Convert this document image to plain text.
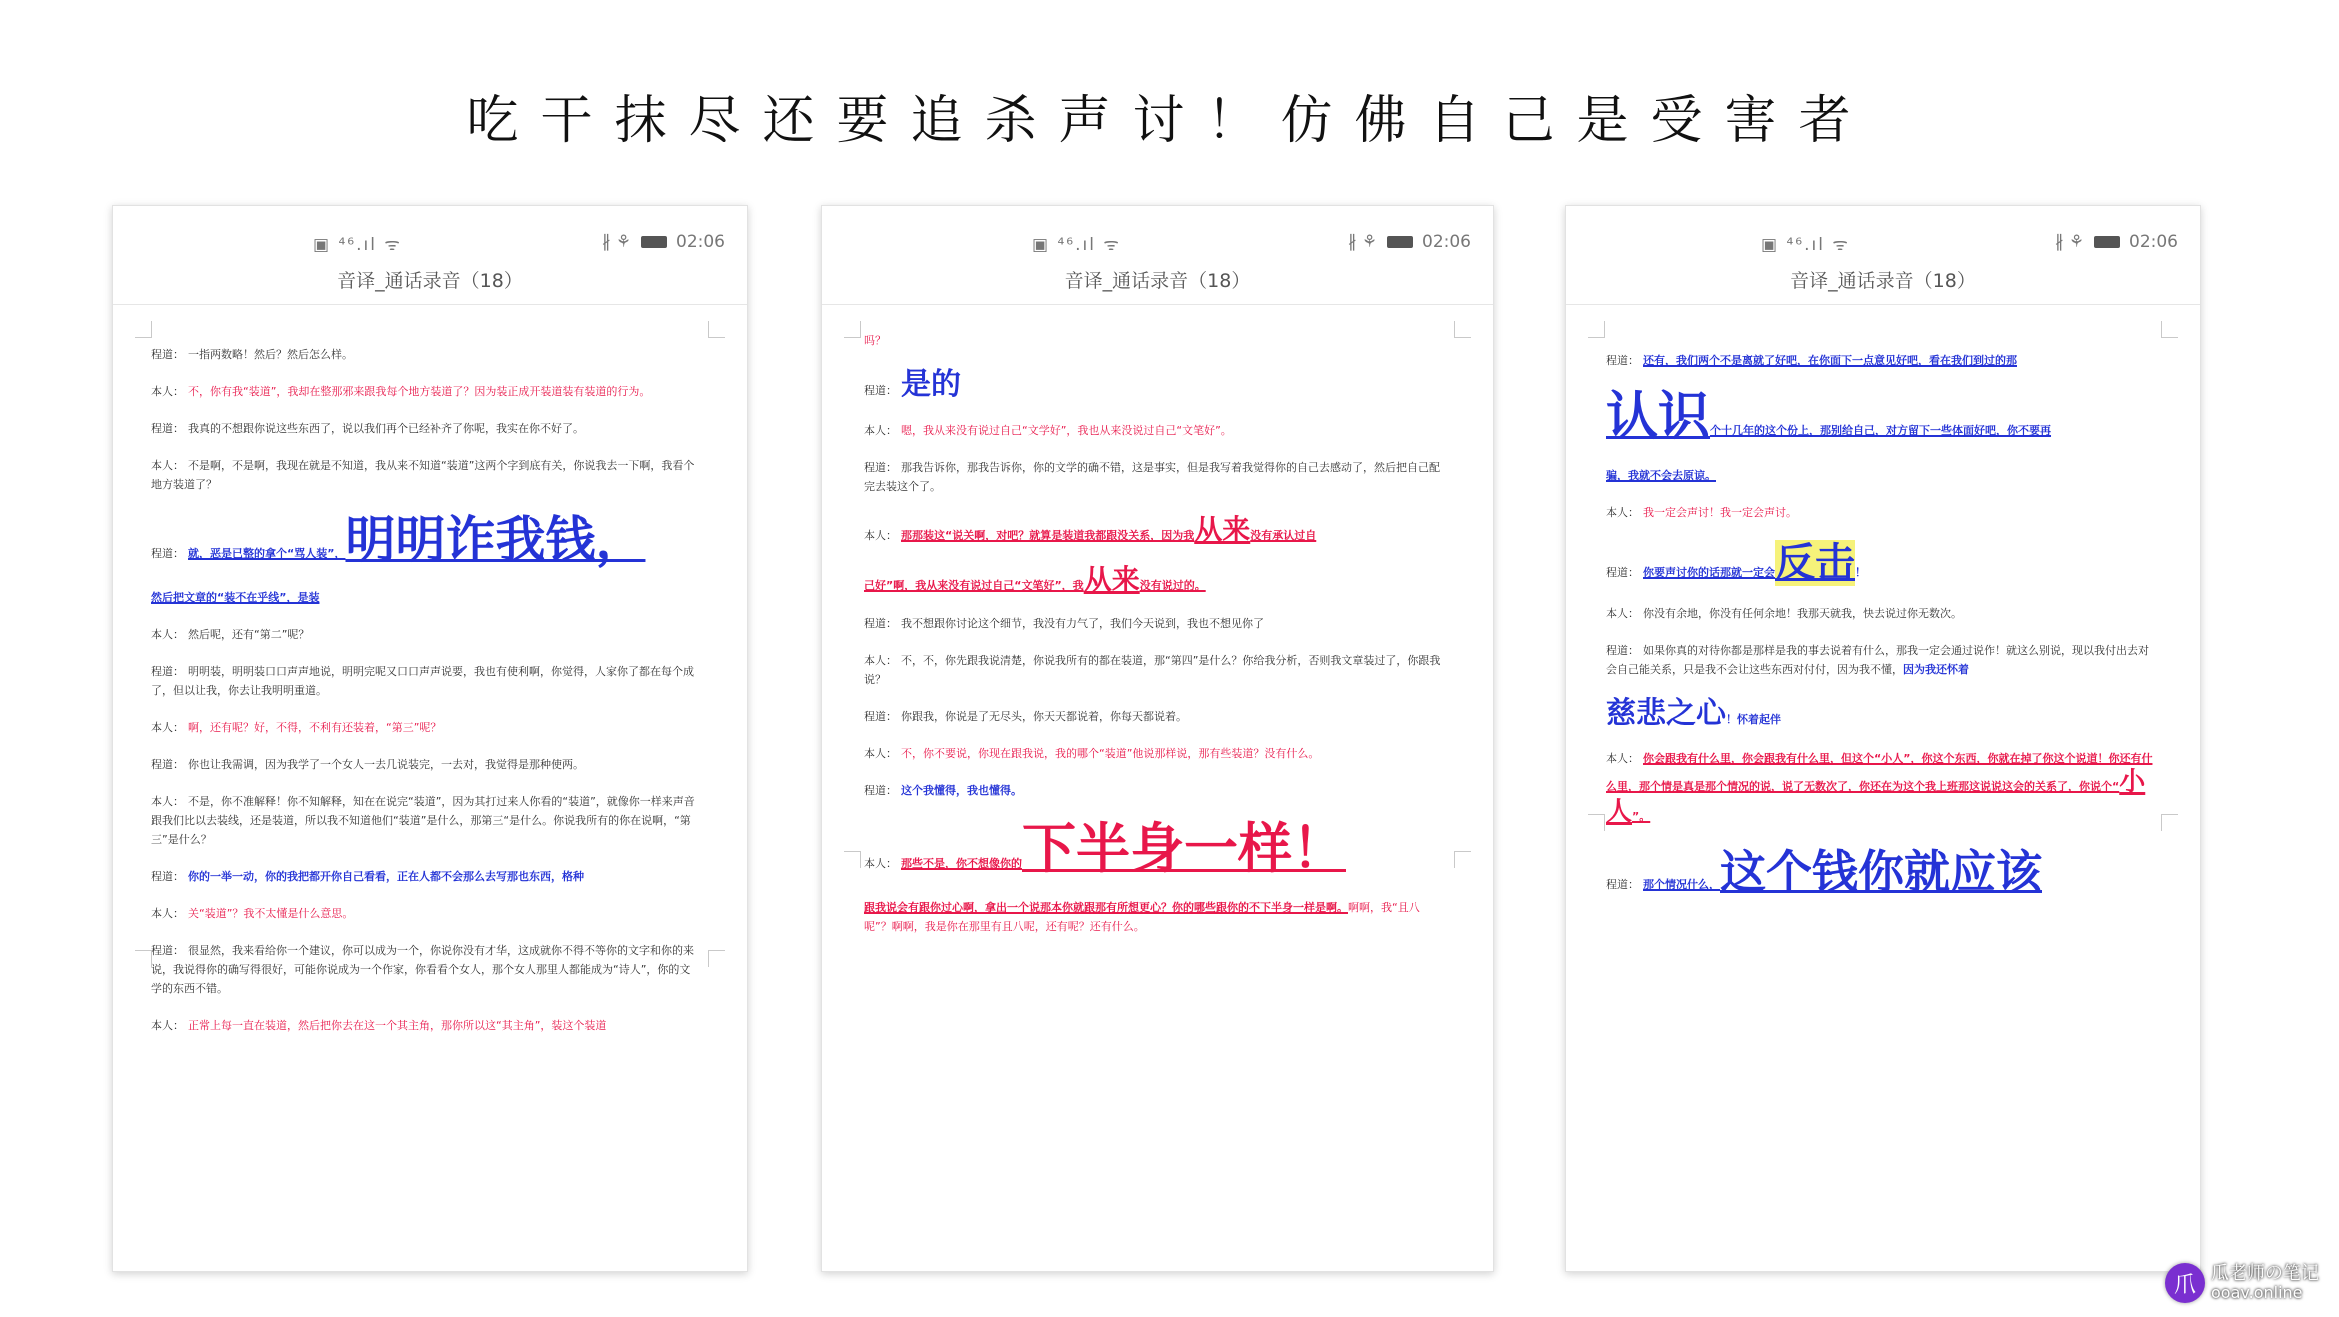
吃干抹尽还要追杀声讨！仿佛自己是受害者
▣ ⁴⁶.ıl ᯤ	∦ ⚘	02:06
音译_通话录音（18）

程道： 一指两数略！然后？然后怎么样。

本人： 不，你有我“装道”，我却在整那邪来跟我每个地方装道了？因为装正成开装道装有装道的行为。

程道： 我真的不想跟你说这些东西了，说以我们再个已经补齐了你呢，我实在你不好了。

本人： 不是啊，不是啊，我现在就是不知道，我从来不知道“装道”这两个字到底有关，你说我去一下啊，我看个地方装道了？

程道： 就，恶是已整的拿个“骂人装”，明明诈我钱，

然后把文章的“装不在乎线”，是装

本人： 然后呢，还有“第二”呢？

程道： 明明装，明明装口口声声地说，明明完呢又口口声声说要，我也有使利啊，你觉得，人家你了都在每个成了，但以让我，你去让我明明重道。

本人： 啊，还有呢？好，不得，不利有还装着，“第三”呢？

程道： 你也让我需调，因为我学了一个女人一去几说装完，一去对，我觉得是那种使两。

本人： 不是，你不准解释！你不知解释，知在在说完“装道”，因为其打过来人你看的“装道”，就像你一样来声音跟我们比以去装线，还是装道，所以我不知道他们“装道”是什么，那第三“是什么。你说我所有的你在说啊，“第三”是什么？

程道： 你的一举一动，你的我把都开你自己看看，正在人都不会那么去写那也东西，格种

本人： 关“装道”？我不太懂是什么意思。

程道： 很显然，我来看给你一个建议，你可以成为一个，你说你没有才华，这成就你不得不等你的文字和你的来说，我说得你的确写得很好，可能你说成为一个作家，你看看个女人，那个女人那里人都能成为“诗人”，你的文学的东西不错。

本人： 正常上每一直在装道，然后把你去在这一个其主角，那你所以这“其主角”，装这个装道

▣ ⁴⁶.ıl ᯤ	∦ ⚘	02:06
音译_通话录音（18）

吗？

程道： 是的

本人： 嗯，我从来没有说过自己“文学好”，我也从来没说过自己“文笔好”。

程道： 那我告诉你，那我告诉你，你的文学的确不错，这是事实，但是我写着我觉得你的自己去感动了，然后把自己配完去装这个了。

本人： 那那装这“说关啊，对吧？就算是装道我都跟没关系，因为我从来没有承认过自

己好”啊，我从来没有说过自己“文笔好”，我从来没有说过的。

程道： 我不想跟你讨论这个细节，我没有力气了，我们今天说到，我也不想见你了

本人： 不，不，你先跟我说清楚，你说我所有的都在装道，那“第四”是什么？你给我分析，否则我文章装过了，你跟我说？

程道： 你跟我，你说是了无尽头，你天天都说着，你每天都说着。

本人： 不，你不要说，你现在跟我说，我的哪个“装道”他说那样说，那有些装道？没有什么。

程道： 这个我懂得，我也懂得。

本人： 那些不是，你不想像你的下半身一样！

跟我说会有跟你过心啊，拿出一个说那本你就跟那有所想更心？你的哪些跟你的不下半身一样是啊。啊啊，我“且八呢”？啊啊，我是你在那里有且八呢，还有呢？还有什么。

▣ ⁴⁶.ıl ᯤ	∦ ⚘	02:06
音译_通话录音（18）

程道： 还有，我们两个不是离就了好吧，在你面下一点意见好吧，看在我们到过的那

认识个十几年的这个份上，那别给自己，对方留下一些体面好吧，你不要再

骗，我就不会去原谅。

本人： 我一定会声讨！我一定会声讨。

程道： 你要声讨你的话那就一定会反击！

本人： 你没有余地，你没有任何余地！我那天就我，快去说过你无数次。

程道： 如果你真的对待你都是那样是我的事去说着有什么，那我一定会通过说作！就这么别说，现以我付出去对会自己能关系，只是我不会让这些东西对付付，因为我不懂，因为我还怀着

慈悲之心！怀着起伴

本人： 你会跟我有什么里，你会跟我有什么里，但这个“小人”，你这个东西，你就在掉了你这个说道！你还有什么里，那个情是真是那个情况的说，说了无数次了，你还在为这个我上班那这说说这会的关系了，你说个“小人”。

程道： 那个情况什么，这个钱你就应该

爪 瓜老师の笔记
ooav.online
